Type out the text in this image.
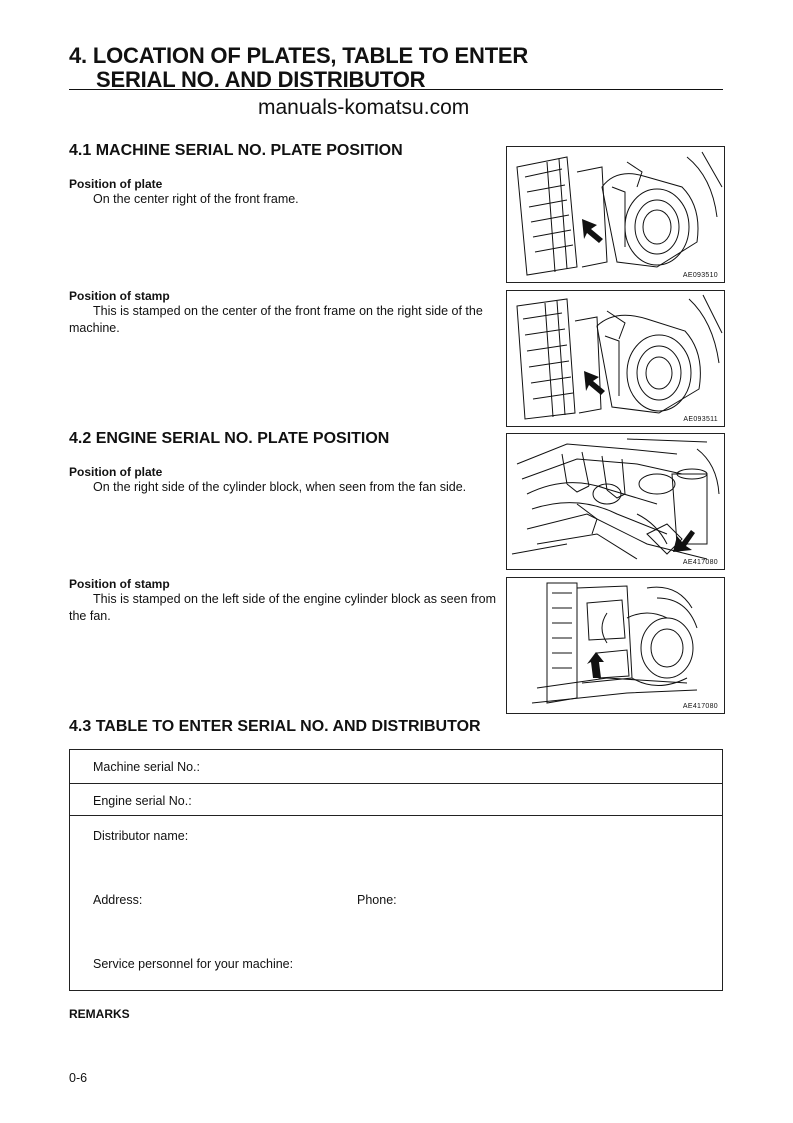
4. LOCATION OF PLATES, TABLE TO ENTER
SERIAL NO. AND DISTRIBUTOR
manuals-komatsu.com
4.1 MACHINE SERIAL NO. PLATE POSITION
Position of plate
On the center right of the front frame.
Position of stamp
This is stamped on the center of the front frame on the right side of the machine.
AE093510
AE093511
4.2 ENGINE SERIAL NO. PLATE POSITION
Position of plate
On the right side of the cylinder block, when seen from the fan side.
Position of stamp
This is stamped on the left side of the engine cylinder block as seen from the fan.
AE417080
AE417080
4.3 TABLE TO ENTER SERIAL NO. AND DISTRIBUTOR
Machine serial No.:
Engine serial No.:
Distributor name:
Address:	Phone:
Service personnel for your machine:
REMARKS
0-6
